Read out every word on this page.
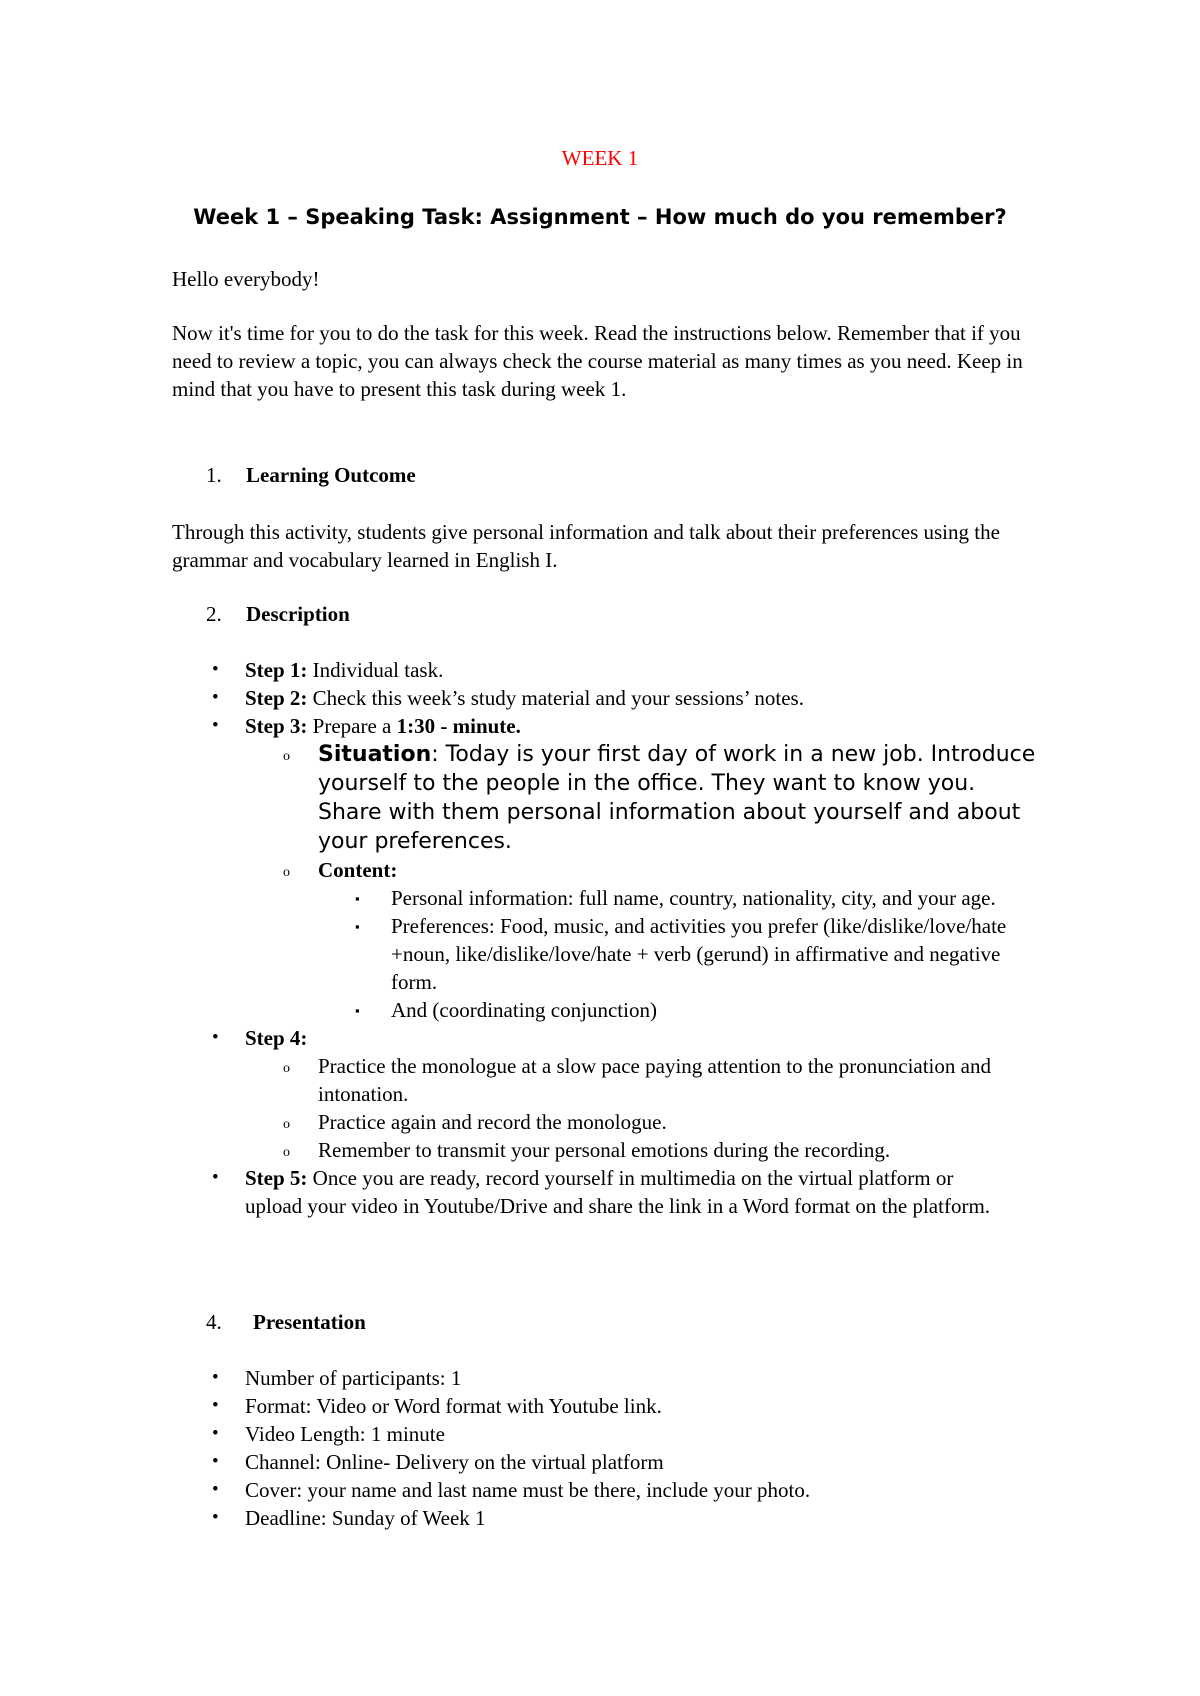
WEEK 1
Week 1 – Speaking Task: Assignment – How much do you remember?

Hello everybody!

Now it's time for you to do the task for this week. Read the instructions below. Remember that if you need to review a topic, you can always check the course material as many times as you need. Keep in mind that you have to present this task during week 1.

1. Learning Outcome

Through this activity, students give personal information and talk about their preferences using the grammar and vocabulary learned in English I.

2. Description
• Step 1: Individual task.
• Step 2: Check this week’s study material and your sessions’ notes.
• Step 3: Prepare a 1:30 - minute.
o Situation: Today is your first day of work in a new job. Introduce yourself to the people in the office. They want to know you. Share with them personal information about yourself and about your preferences.
o Content:
▪ Personal information: full name, country, nationality, city, and your age.
▪ Preferences: Food, music, and activities you prefer (like/dislike/love/hate +noun, like/dislike/love/hate + verb (gerund) in affirmative and negative form.
▪ And (coordinating conjunction)
• Step 4:
o Practice the monologue at a slow pace paying attention to the pronunciation and intonation.
o Practice again and record the monologue.
o Remember to transmit your personal emotions during the recording.
• Step 5: Once you are ready, record yourself in multimedia on the virtual platform or upload your video in Youtube/Drive and share the link in a Word format on the platform.
4. Presentation
• Number of participants: 1
• Format: Video or Word format with Youtube link.
• Video Length: 1 minute
• Channel: Online- Delivery on the virtual platform
• Cover: your name and last name must be there, include your photo.
• Deadline: Sunday of Week 1
